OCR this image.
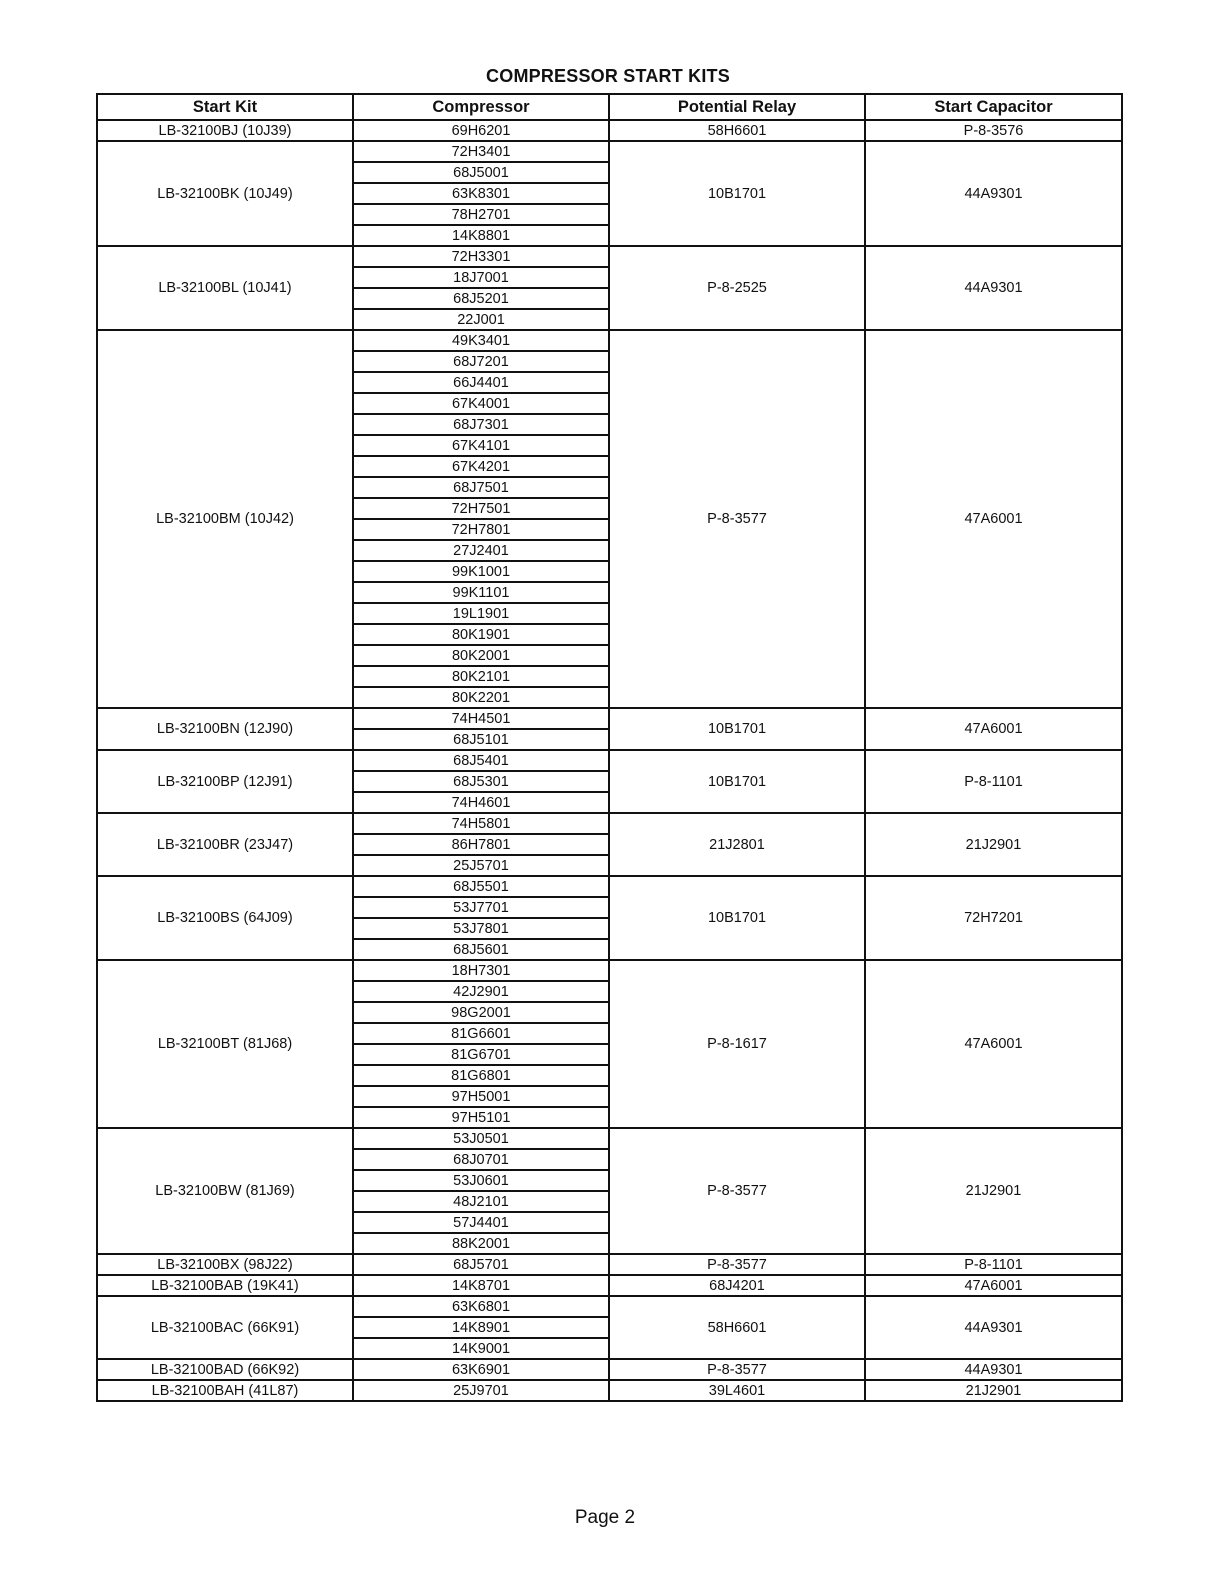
COMPRESSOR START KITS
Start Kit	Compressor	Potential Relay	Start Capacitor
LB-32100BJ (10J39)	69H6201	58H6601	P-8-3576
LB-32100BK (10J49)	72H3401	10B1701	44A9301
	68J5001		
	63K8301		
	78H2701		
	14K8801		
LB-32100BL (10J41)	72H3301	P-8-2525	44A9301
	18J7001		
	68J5201		
	22J001		
LB-32100BM (10J42)	49K3401	P-8-3577	47A6001
	68J7201		
	66J4401		
	67K4001		
	68J7301		
	67K4101		
	67K4201		
	68J7501		
	72H7501		
	72H7801		
	27J2401		
	99K1001		
	99K1101		
	19L1901		
	80K1901		
	80K2001		
	80K2101		
	80K2201		
LB-32100BN (12J90)	74H4501	10B1701	47A6001
	68J5101		
LB-32100BP (12J91)	68J5401	10B1701	P-8-1101
	68J5301		
	74H4601		
LB-32100BR (23J47)	74H5801	21J2801	21J2901
	86H7801		
	25J5701		
LB-32100BS (64J09)	68J5501	10B1701	72H7201
	53J7701		
	53J7801		
	68J5601		
LB-32100BT (81J68)	18H7301	P-8-1617	47A6001
	42J2901		
	98G2001		
	81G6601		
	81G6701		
	81G6801		
	97H5001		
	97H5101		
LB-32100BW (81J69)	53J0501	P-8-3577	21J2901
	68J0701		
	53J0601		
	48J2101		
	57J4401		
	88K2001		
LB-32100BX (98J22)	68J5701	P-8-3577	P-8-1101
LB-32100BAB (19K41)	14K8701	68J4201	47A6001
LB-32100BAC (66K91)	63K6801	58H6601	44A9301
	14K8901		
	14K9001		
LB-32100BAD (66K92)	63K6901	P-8-3577	44A9301
LB-32100BAH (41L87)	25J9701	39L4601	21J2901
Page 2
